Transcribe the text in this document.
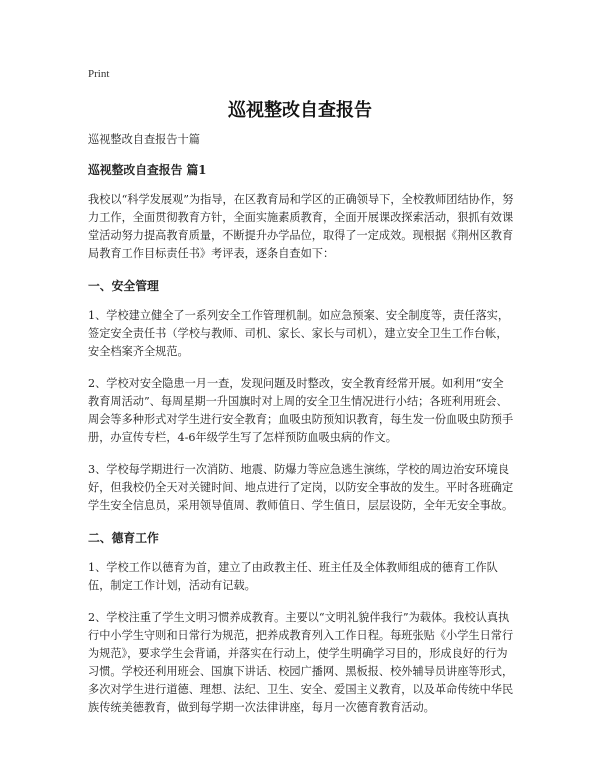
Print
巡视整改自查报告

巡视整改自查报告十篇

巡视整改自查报告 篇1

我校以“科学发展观”为指导，在区教育局和学区的正确领导下，全校教师团结协作，努力工作，全面贯彻教育方针，全面实施素质教育，全面开展课改探索活动，狠抓有效课堂活动努力提高教育质量，不断提升办学品位，取得了一定成效。现根据《荆州区教育局教育工作目标责任书》考评表，逐条自查如下：

一、安全管理

1、学校建立健全了一系列安全工作管理机制。如应急预案、安全制度等，责任落实，签定安全责任书（学校与教师、司机、家长、家长与司机），建立安全卫生工作台帐，安全档案齐全规范。

2、学校对安全隐患一月一查，发现问题及时整改，安全教育经常开展。如利用“安全教育周活动”、每周星期一升国旗时对上周的安全卫生情况进行小结；各班利用班会、周会等多种形式对学生进行安全教育；血吸虫防预知识教育，每生发一份血吸虫防预手册，办宣传专栏，4-6年级学生写了怎样预防血吸虫病的作文。

3、学校每学期进行一次消防、地震、防爆力等应急逃生演练，学校的周边治安环境良好，但我校仍全天对关键时间、地点进行了定岗，以防安全事故的发生。平时各班确定学生安全信息员，采用领导值周、教师值日、学生值日，层层设防，全年无安全事故。

二、德育工作

1、学校工作以德育为首，建立了由政教主任、班主任及全体教师组成的德育工作队伍，制定工作计划，活动有记载。

2、学校注重了学生文明习惯养成教育。主要以“文明礼貌伴我行”为载体。我校认真执行中小学生守则和日常行为规范，把养成教育列入工作日程。每班张贴《小学生日常行为规范》，要求学生会背诵，并落实在行动上，使学生明确学习目的，形成良好的行为习惯。学校还利用班会、国旗下讲话、校园广播网、黑板报、校外辅导员讲座等形式，多次对学生进行道德、理想、法纪、卫生、安全、爱国主义教育，以及革命传统中华民族传统美德教育，做到每学期一次法律讲座，每月一次德育教育活动。
